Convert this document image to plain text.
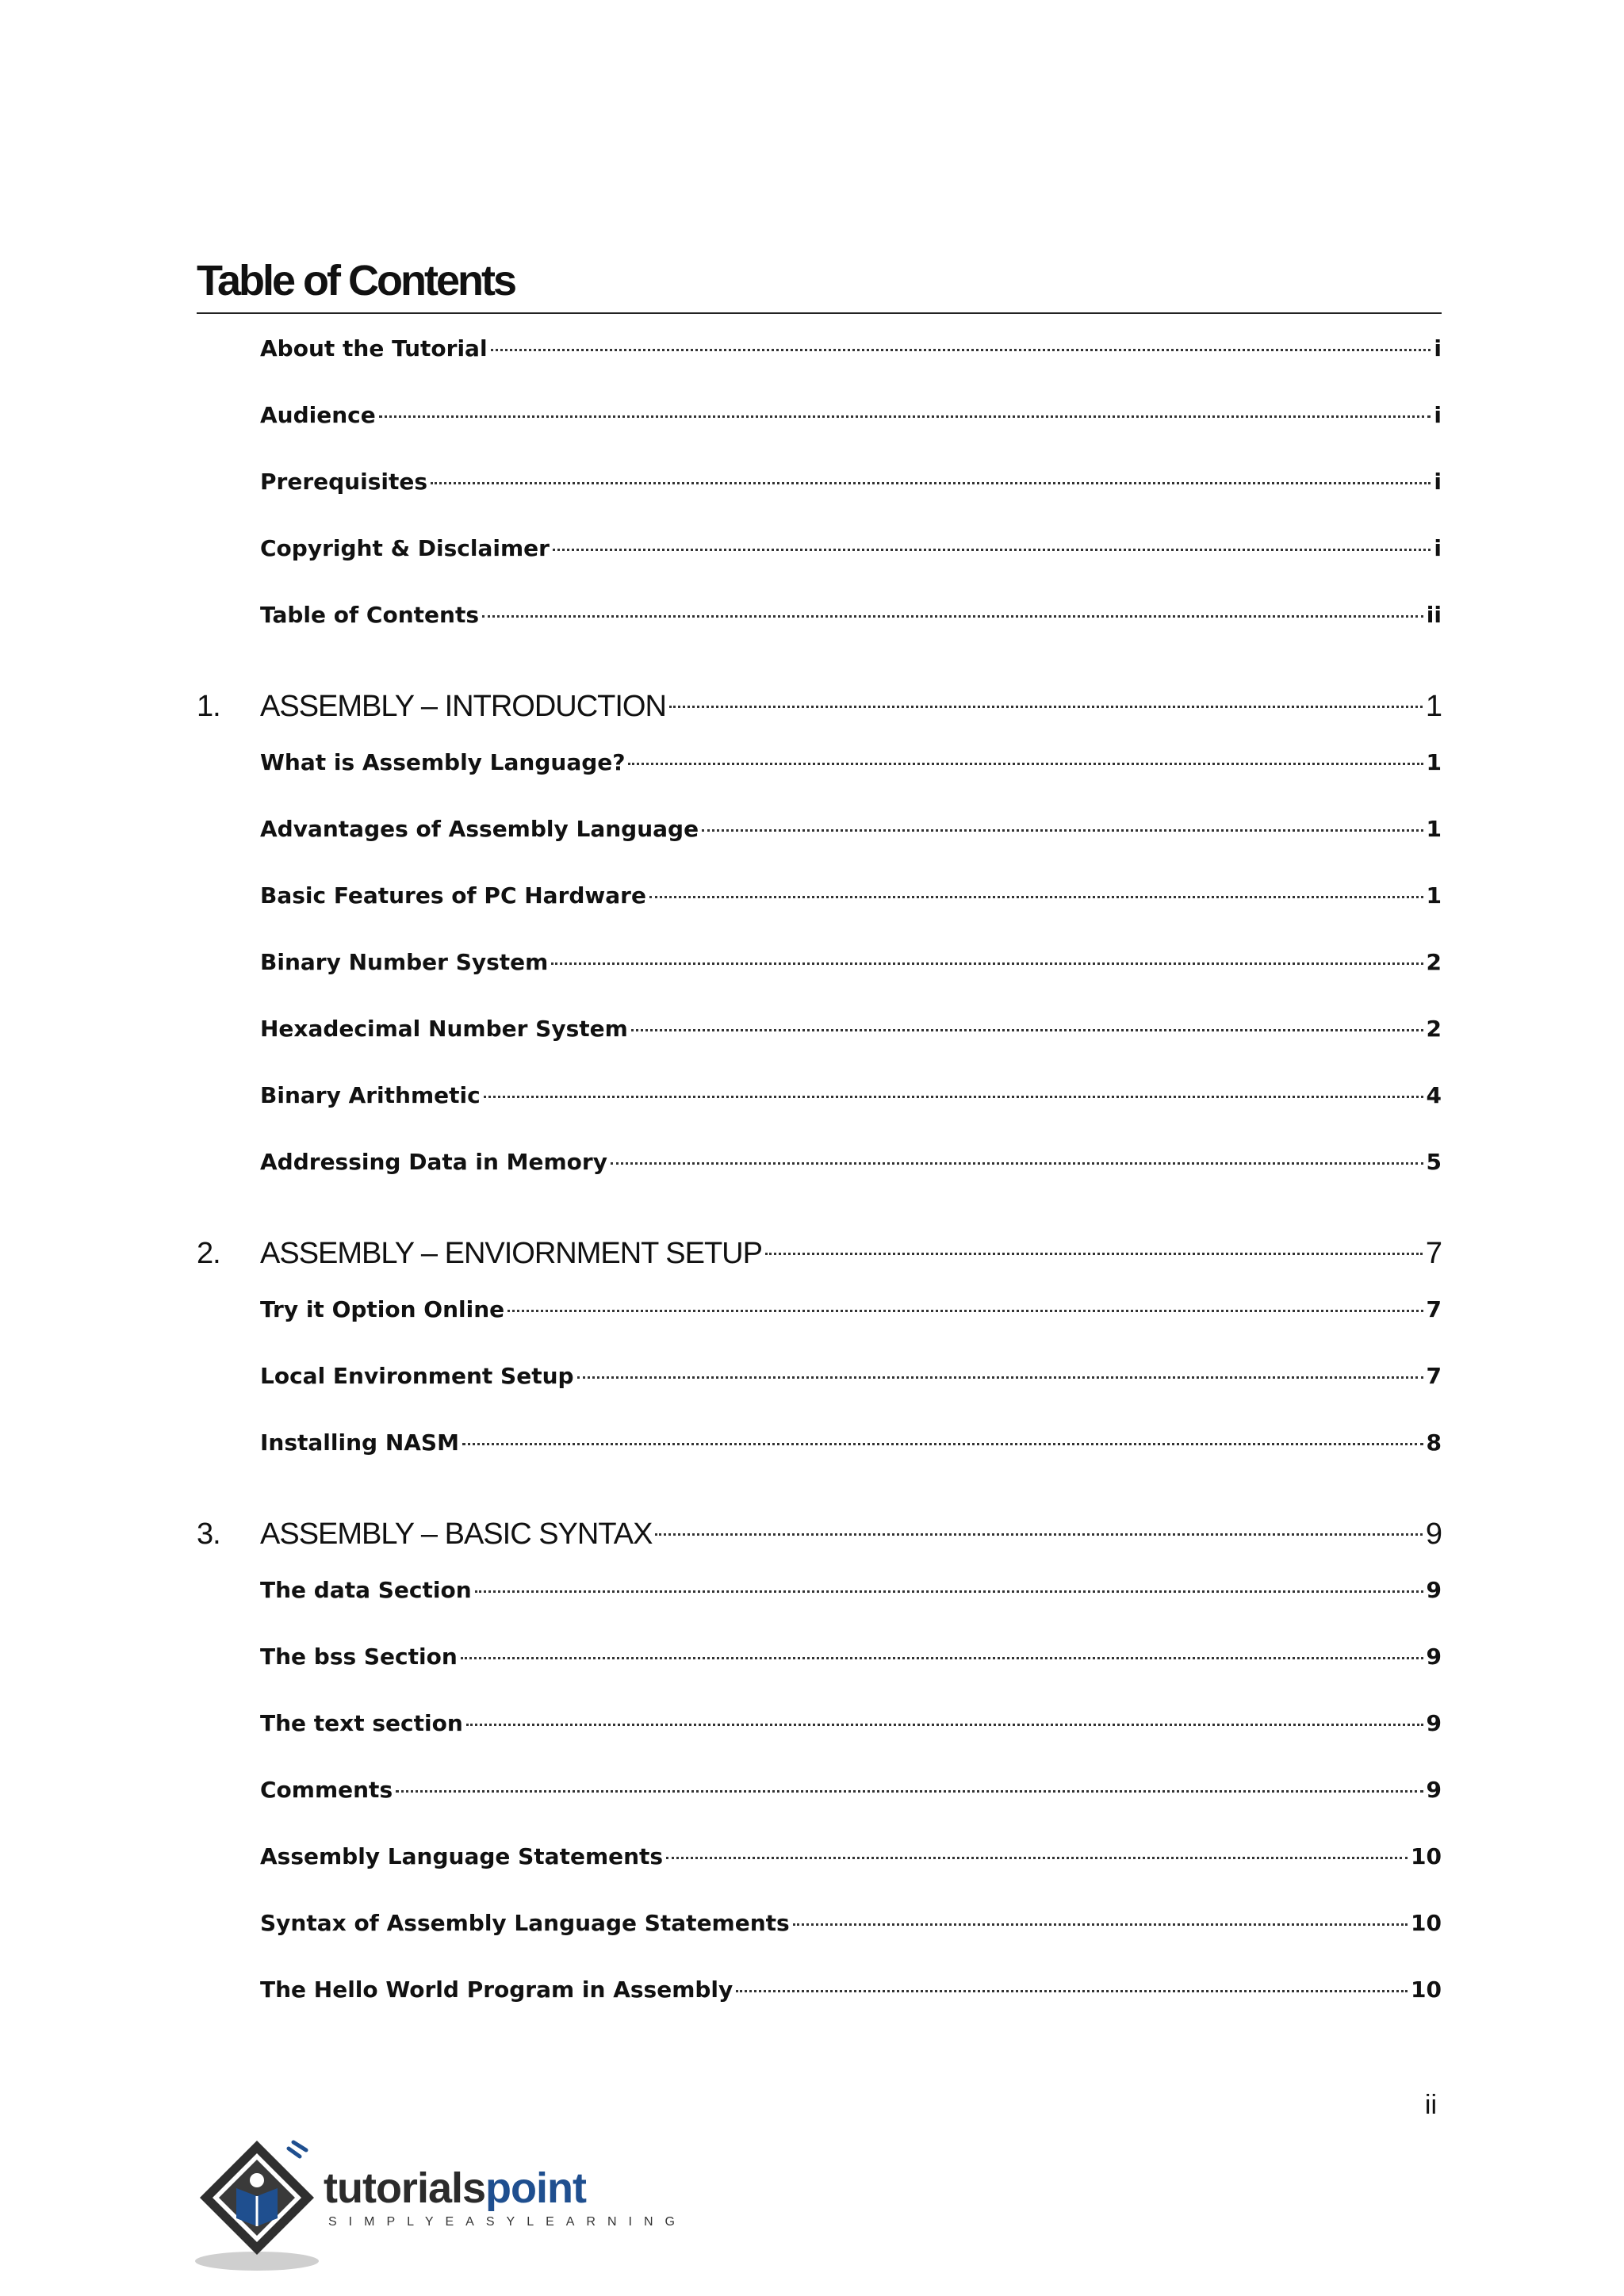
Table of Contents
About the Tutorial	i
Audience	i
Prerequisites	i
Copyright & Disclaimer	i
Table of Contents	ii
1.	ASSEMBLY – INTRODUCTION	1
What is Assembly Language?	1
Advantages of Assembly Language	1
Basic Features of PC Hardware	1
Binary Number System	2
Hexadecimal Number System	2
Binary Arithmetic	4
Addressing Data in Memory	5
2.	ASSEMBLY – ENVIORNMENT SETUP	7
Try it Option Online	7
Local Environment Setup	7
Installing NASM	8
3.	ASSEMBLY – BASIC SYNTAX	9
The data Section	9
The bss Section	9
The text section	9
Comments	9
Assembly Language Statements	10
Syntax of Assembly Language Statements	10
The Hello World Program in Assembly	10
ii
tutorialspoint
SIMPLYEASYLEARNING
